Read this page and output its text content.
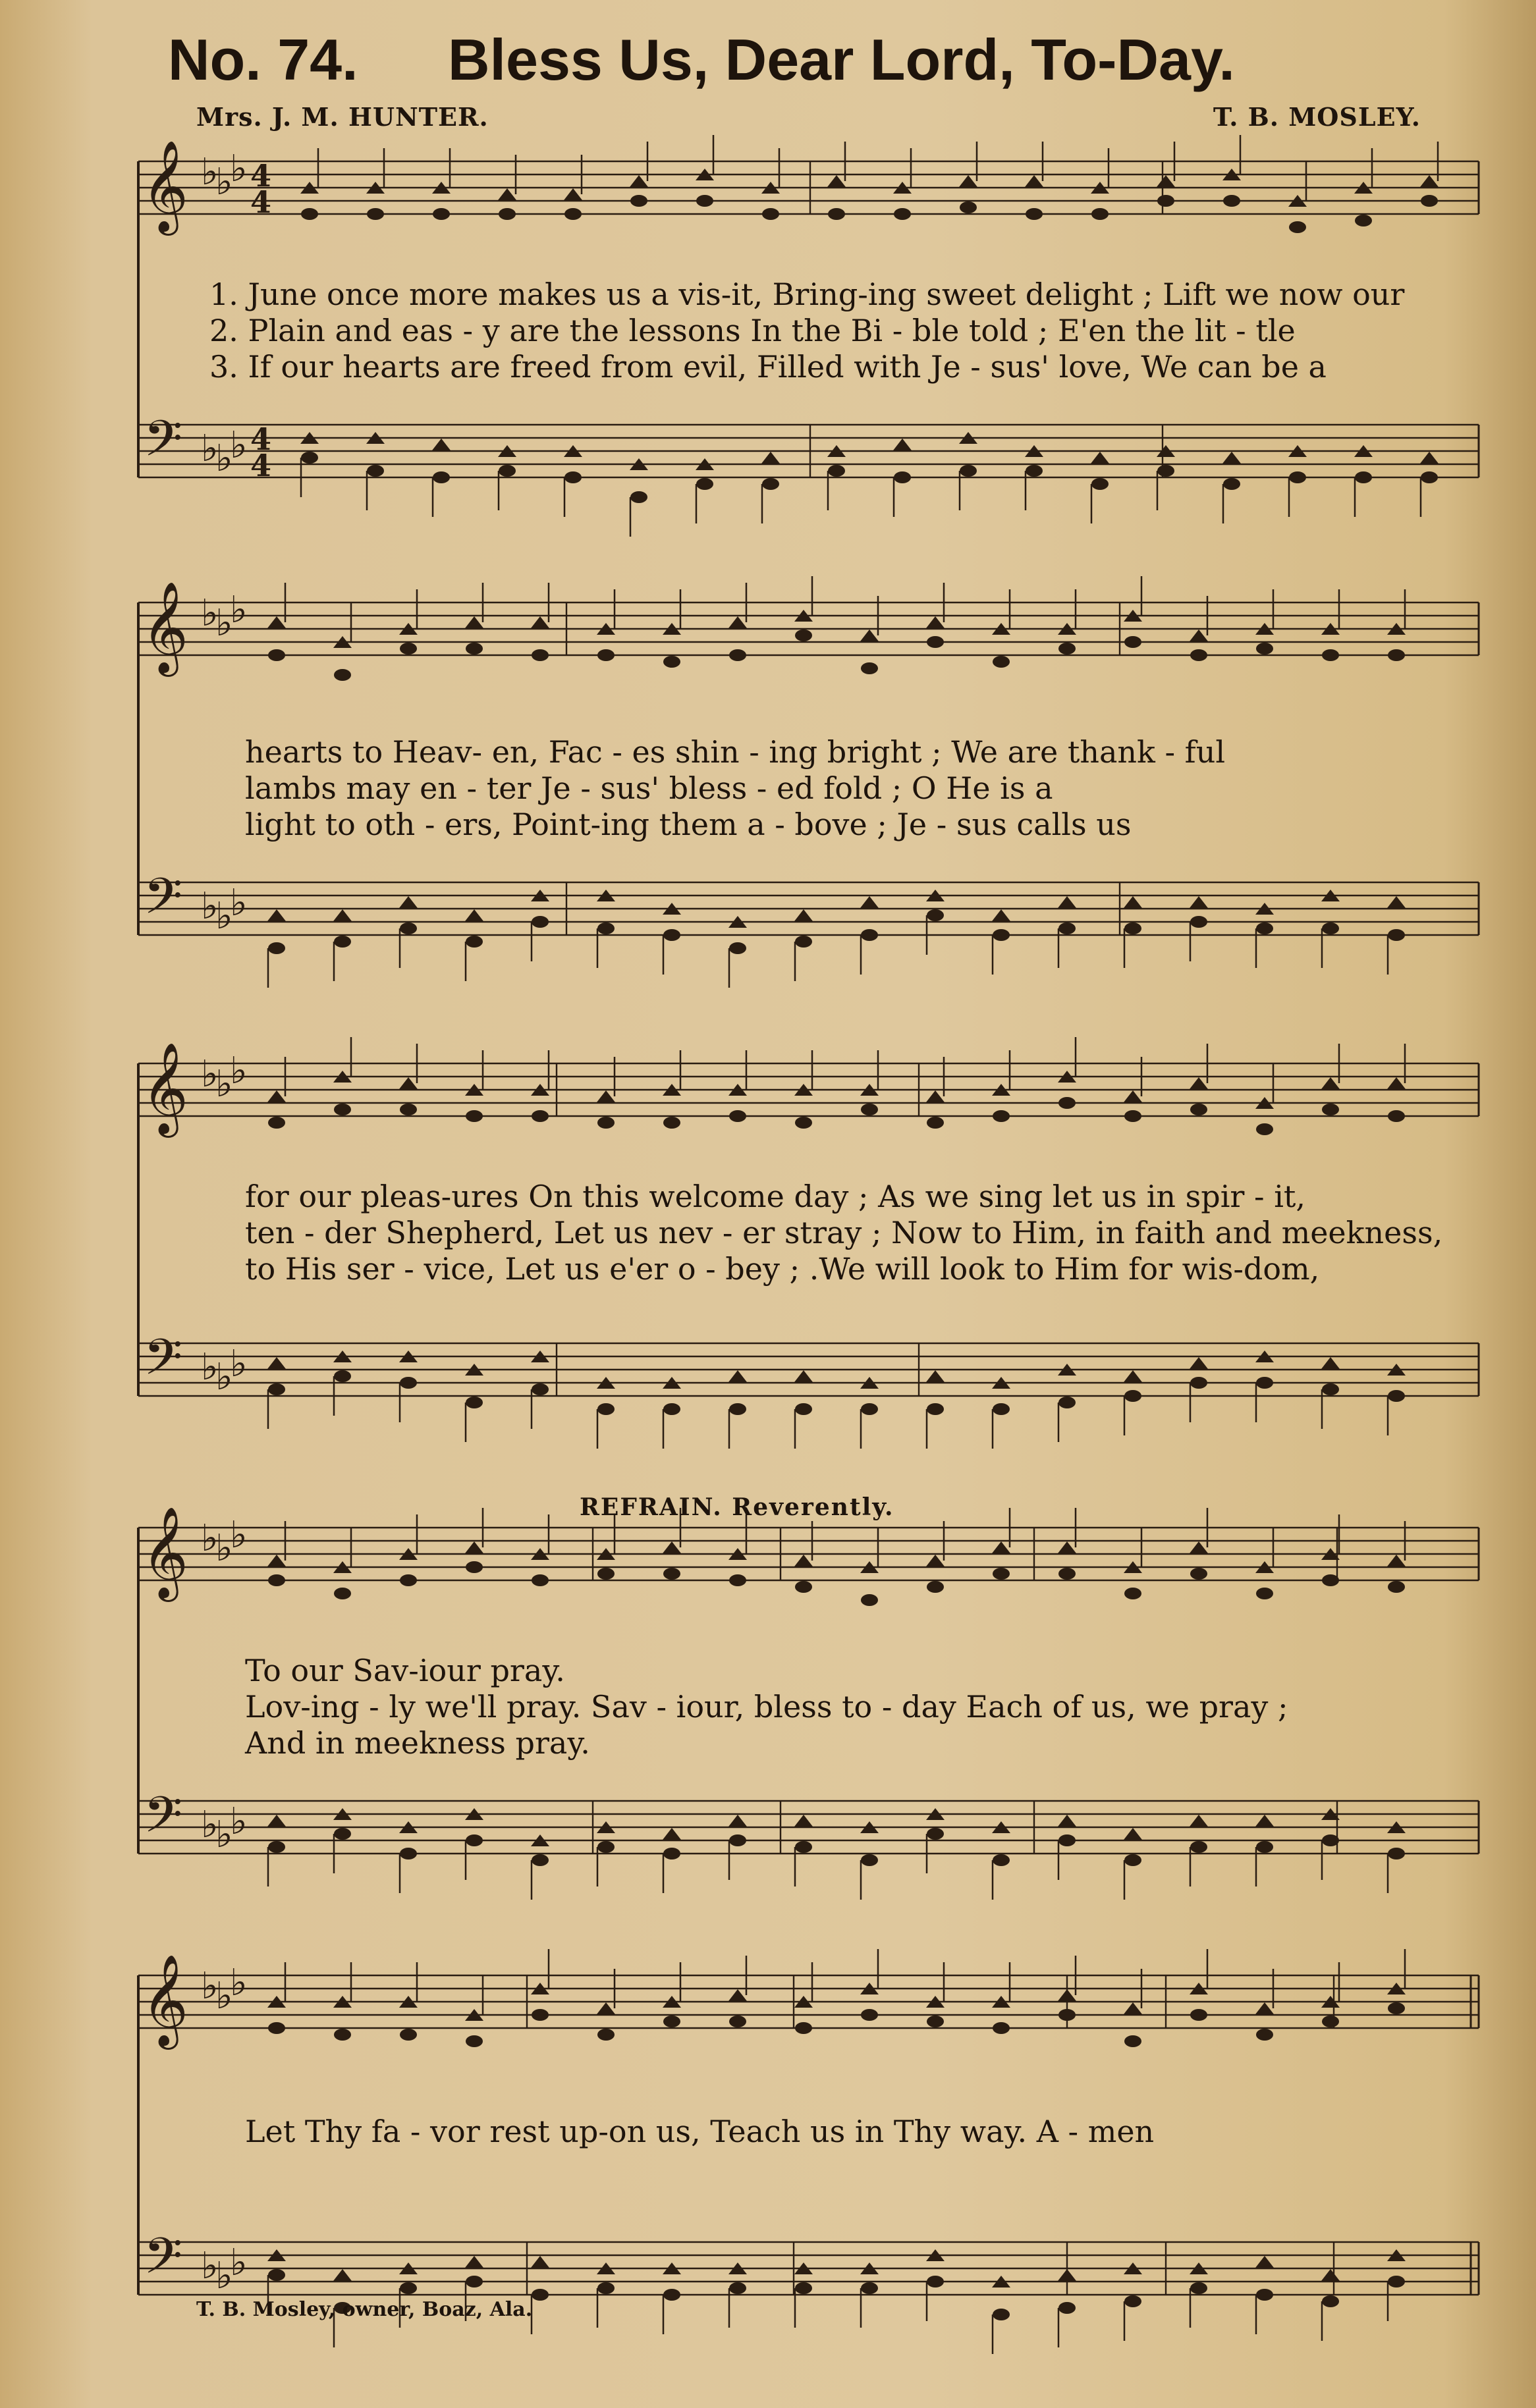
No. 74. Bless Us, Dear Lord, To-Day.
Mrs. J. M. HUNTER.	T. B. MOSLEY.
𝄞
𝄢
♭
♭
♭
♭
♭
♭
4
4
4
4
𝄞
𝄢
♭
♭
♭
♭
♭
♭
𝄞
𝄢
♭
♭
♭
♭
♭
♭
𝄞
𝄢
♭
♭
♭
♭
♭
♭
𝄞
𝄢
♭
♭
♭
♭
♭
♭
1. June once more makes us a vis-it, Bring-ing sweet delight ; Lift we now our
2. Plain and eas - y are the lessons In the Bi - ble told ; E'en the lit - tle
3. If our hearts are freed from evil, Filled with Je - sus' love, We can be a
hearts to Heav- en, Fac - es shin - ing bright ; We are thank - ful
lambs may en - ter Je - sus' bless - ed fold ; O He is a
light to oth - ers, Point-ing them a - bove ; Je - sus calls us
for our pleas-ures On this welcome day ; As we sing let us in spir - it,
ten - der Shepherd, Let us nev - er stray ; Now to Him, in faith and meekness,
to His ser - vice, Let us e'er o - bey ; .We will look to Him for wis-dom,
To our Sav-iour pray.
Lov-ing - ly we'll pray. Sav - iour, bless to - day Each of us, we pray ;
And in meekness pray.
Let Thy fa - vor rest up-on us, Teach us in Thy way. A - men
REFRAIN. Reverently.
T. B. Mosley, owner, Boaz, Ala.
